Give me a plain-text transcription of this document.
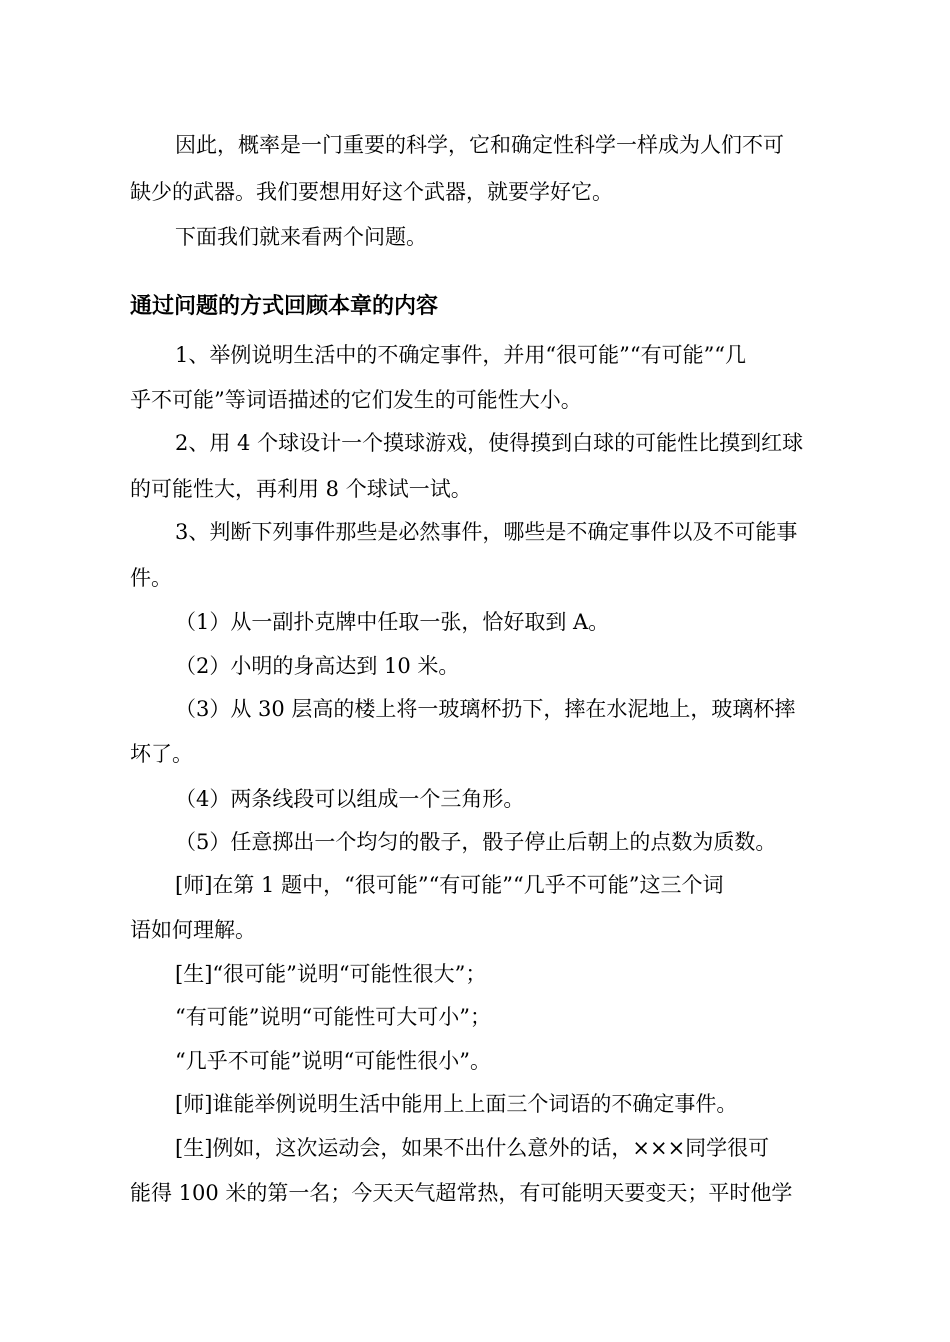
因此，概率是一门重要的科学，它和确定性科学一样成为人们不可
缺少的武器。我们要想用好这个武器，就要学好它。
下面我们就来看两个问题。
通过问题的方式回顾本章的内容
1、举例说明生活中的不确定事件，并用“很可能”“有可能”“几
乎不可能”等词语描述的它们发生的可能性大小。
2、用 4 个球设计一个摸球游戏，使得摸到白球的可能性比摸到红球
的可能性大，再利用 8 个球试一试。
3、判断下列事件那些是必然事件，哪些是不确定事件以及不可能事
件。
（1）从一副扑克牌中任取一张，恰好取到 A。
（2）小明的身高达到 10 米。
（3）从 30 层高的楼上将一玻璃杯扔下，摔在水泥地上，玻璃杯摔
坏了。
（4）两条线段可以组成一个三角形。
（5）任意掷出一个均匀的骰子，骰子停止后朝上的点数为质数。
[师]在第 1 题中，“很可能”“有可能”“几乎不可能”这三个词
语如何理解。
[生]“很可能”说明“可能性很大”；
“有可能”说明“可能性可大可小”；
“几乎不可能”说明“可能性很小”。
[师]谁能举例说明生活中能用上上面三个词语的不确定事件。
[生]例如，这次运动会，如果不出什么意外的话，×××同学很可
能得 100 米的第一名；今天天气超常热，有可能明天要变天；平时他学
